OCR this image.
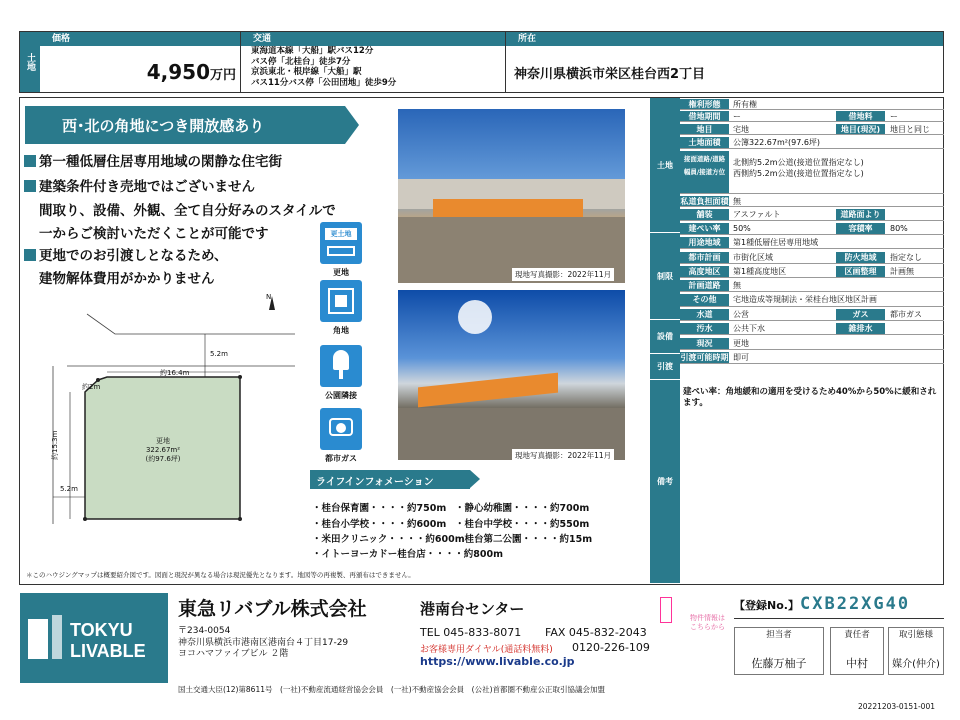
土地
価格
4,950万円
交通
東海道本線「大船」駅バス12分
バス停「北桂台」徒歩7分
京浜東北・根岸線「大船」駅
バス11分バス停「公田団地」徒歩9分
所在
神奈川県横浜市栄区桂台西2丁目
西･北の角地につき開放感あり
第一種低層住居専用地域の閑静な住宅街
建築条件付き売地ではございません
間取り、設備、外観、全て自分好みのスタイルで
一からご検討いただくことが可能です
更地でのお引渡しとなるため、
建物解体費用がかかりません
更土地
更地
角地
公園隣接
都市ガス
N
5.2m
5.2m
約16.4m
約2m
約15.3m	更地
322.67m²
(約97.6坪)
現地写真撮影：2022年11月
現地写真撮影：2022年11月
ライフインフォメーション
・桂台保育園・・・・約750m ・静心幼稚園・・・・約700m
・桂台小学校・・・・約600m ・桂台中学校・・・・約550m
・米田クリニック・・・・約600m
・桂台第二公園・・・・約15m
・イトーヨーカドー桂台店・・・・約800m
＊このハウジングマップは概要紹介図です。図面と現況が異なる場合は現況優先となります。地図等の再複製、再頒布はできません。
土地
制限
設備
引渡
備考
権利形態	所有権
借地期間	ー	借地料	ー
地目	宅地	地目(現況)	地目と同じ
土地面積	公簿322.67m²(97.6坪)
接面道路/道路幅員/接道方位
北側約5.2m公道(接道位置指定なし)
西側約5.2m公道(接道位置指定なし)
私道負担面積 無
舗装	アスファルト	道路面より
建ぺい率	50%	容積率	80%
用途地域	第1種低層住居専用地域
都市計画	市街化区域	防火地域	指定なし
高度地区	第1種高度地区	区画整理	計画無
計画道路	無
その他	宅地造成等規制法・栄桂台地区地区計画
水道	公営	ガス	都市ガス
汚水	公共下水	雑排水
現況	更地
引渡可能時期 即可
建ぺい率：角地緩和の適用を受けるため40%から50%に緩和されます。
TOKYU
LIVABLE
東急リバブル株式会社	港南台センター
〒234-0054
神奈川県横浜市港南区港南台４丁目17-29
ヨコハマファイブビル ２階
TEL 045-833-8071 FAX 045-832-2043
お客様専用ダイヤル(通話料無料) 0120-226-109
https://www.livable.co.jp
物件情報はこちらから
【登録No.】 CXB22XG40
担当者	責任者	取引態様
佐藤万柚子	中村	媒介(仲介)
国土交通大臣(12)第8611号　(一社)不動産流通経営協会会員　(一社)不動産協会会員　(公社)首都圏不動産公正取引協議会加盟
20221203-0151-001
